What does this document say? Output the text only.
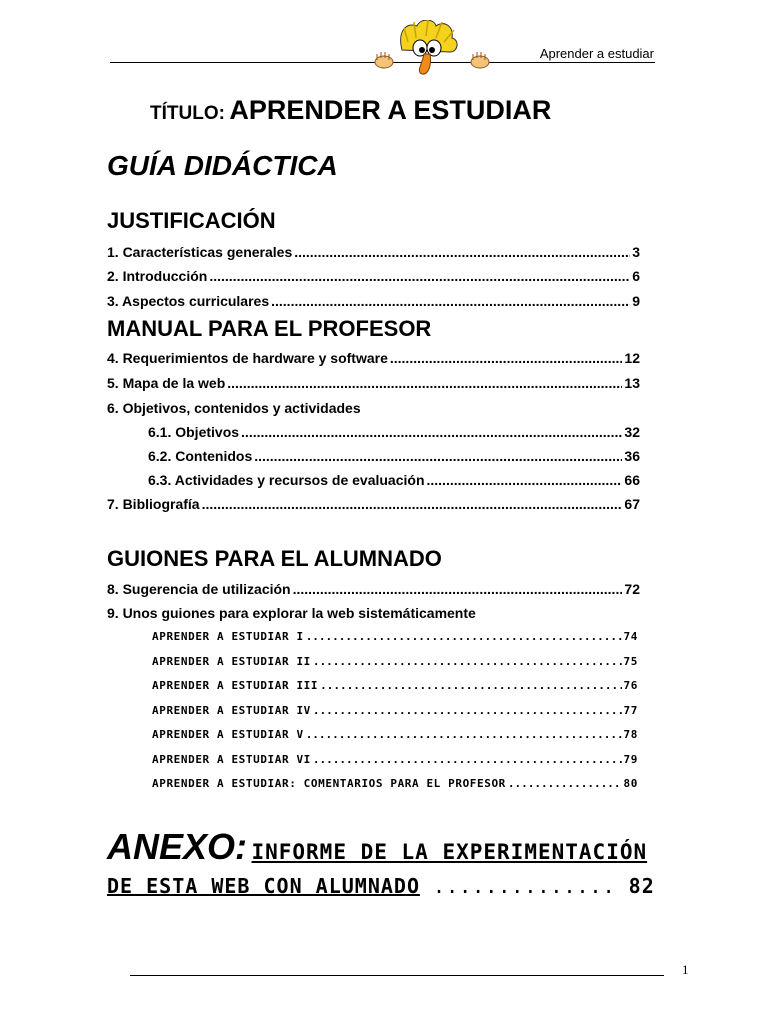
Aprender a estudiar
TÍTULO: APRENDER A ESTUDIAR
GUÍA DIDÁCTICA
JUSTIFICACIÓN
1. Características generales .....	3
2. Introducción .....	6
3. Aspectos curriculares .....	9
MANUAL PARA EL PROFESOR
4. Requerimientos de hardware y software .....	12
5. Mapa de la web .....	13
6. Objetivos, contenidos y actividades
6.1. Objetivos .....	32
6.2. Contenidos .....	36
6.3. Actividades y recursos de evaluación .....	66
7. Bibliografía .....	67
GUIONES PARA EL ALUMNADO
8. Sugerencia de utilización .....	72
9. Unos guiones para explorar la web sistemáticamente
APRENDER A ESTUDIAR I .....	74
APRENDER A ESTUDIAR II .....	75
APRENDER A ESTUDIAR III .....	76
APRENDER A ESTUDIAR IV .....	77
APRENDER A ESTUDIAR V .....	78
APRENDER A ESTUDIAR VI .....	79
APRENDER A ESTUDIAR: COMENTARIOS PARA EL PROFESOR .....	80
ANEXO: INFORME DE LA EXPERIMENTACIÓN
DE ESTA WEB CON ALUMNADO .............. 82
1
